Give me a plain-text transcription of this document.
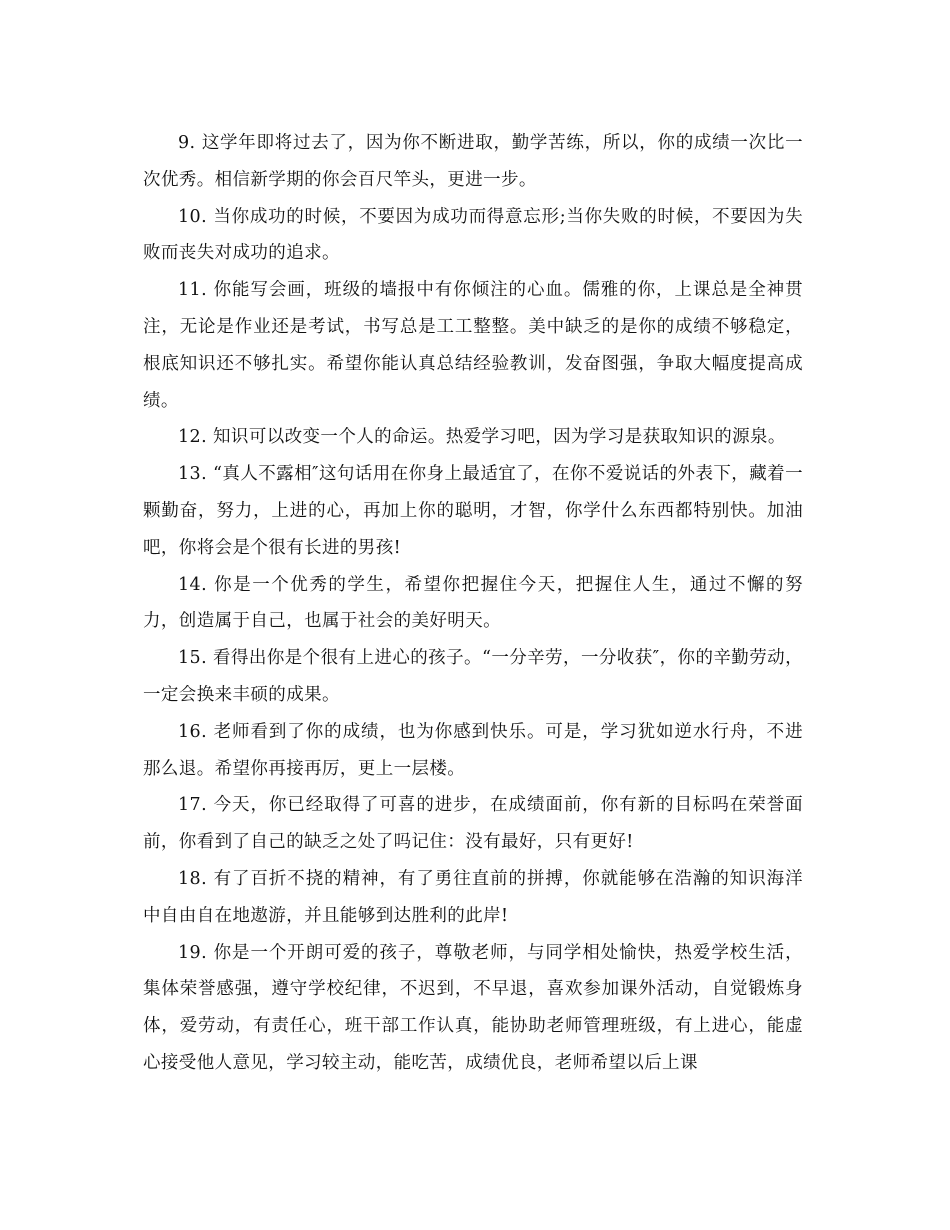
9. 这学年即将过去了，因为你不断进取，勤学苦练，所以，你的成绩一次比一次优秀。相信新学期的你会百尺竿头，更进一步。

10. 当你成功的时候，不要因为成功而得意忘形;当你失败的时候，不要因为失败而丧失对成功的追求。

11. 你能写会画，班级的墙报中有你倾注的心血。儒雅的你，上课总是全神贯注，无论是作业还是考试，书写总是工工整整。美中缺乏的是你的成绩不够稳定，根底知识还不够扎实。希望你能认真总结经验教训，发奋图强，争取大幅度提高成绩。

12. 知识可以改变一个人的命运。热爱学习吧，因为学习是获取知识的源泉。

13. “真人不露相″这句话用在你身上最适宜了，在你不爱说话的外表下，藏着一颗勤奋，努力，上进的心，再加上你的聪明，才智，你学什么东西都特别快。加油吧，你将会是个很有长进的男孩!

14. 你是一个优秀的学生，希望你把握住今天，把握住人生，通过不懈的努力，创造属于自己，也属于社会的美好明天。

15. 看得出你是个很有上进心的孩子。“一分辛劳，一分收获″，你的辛勤劳动，一定会换来丰硕的成果。

16. 老师看到了你的成绩，也为你感到快乐。可是，学习犹如逆水行舟，不进那么退。希望你再接再厉，更上一层楼。

17. 今天，你已经取得了可喜的进步，在成绩面前，你有新的目标吗在荣誉面前，你看到了自己的缺乏之处了吗记住：没有最好，只有更好!

18. 有了百折不挠的精神，有了勇往直前的拼搏，你就能够在浩瀚的知识海洋中自由自在地遨游，并且能够到达胜利的此岸!

19. 你是一个开朗可爱的孩子，尊敬老师，与同学相处愉快，热爱学校生活，集体荣誉感强，遵守学校纪律，不迟到，不早退，喜欢参加课外活动，自觉锻炼身体，爱劳动，有责任心，班干部工作认真，能协助老师管理班级，有上进心，能虚心接受他人意见，学习较主动，能吃苦，成绩优良，老师希望以后上课
